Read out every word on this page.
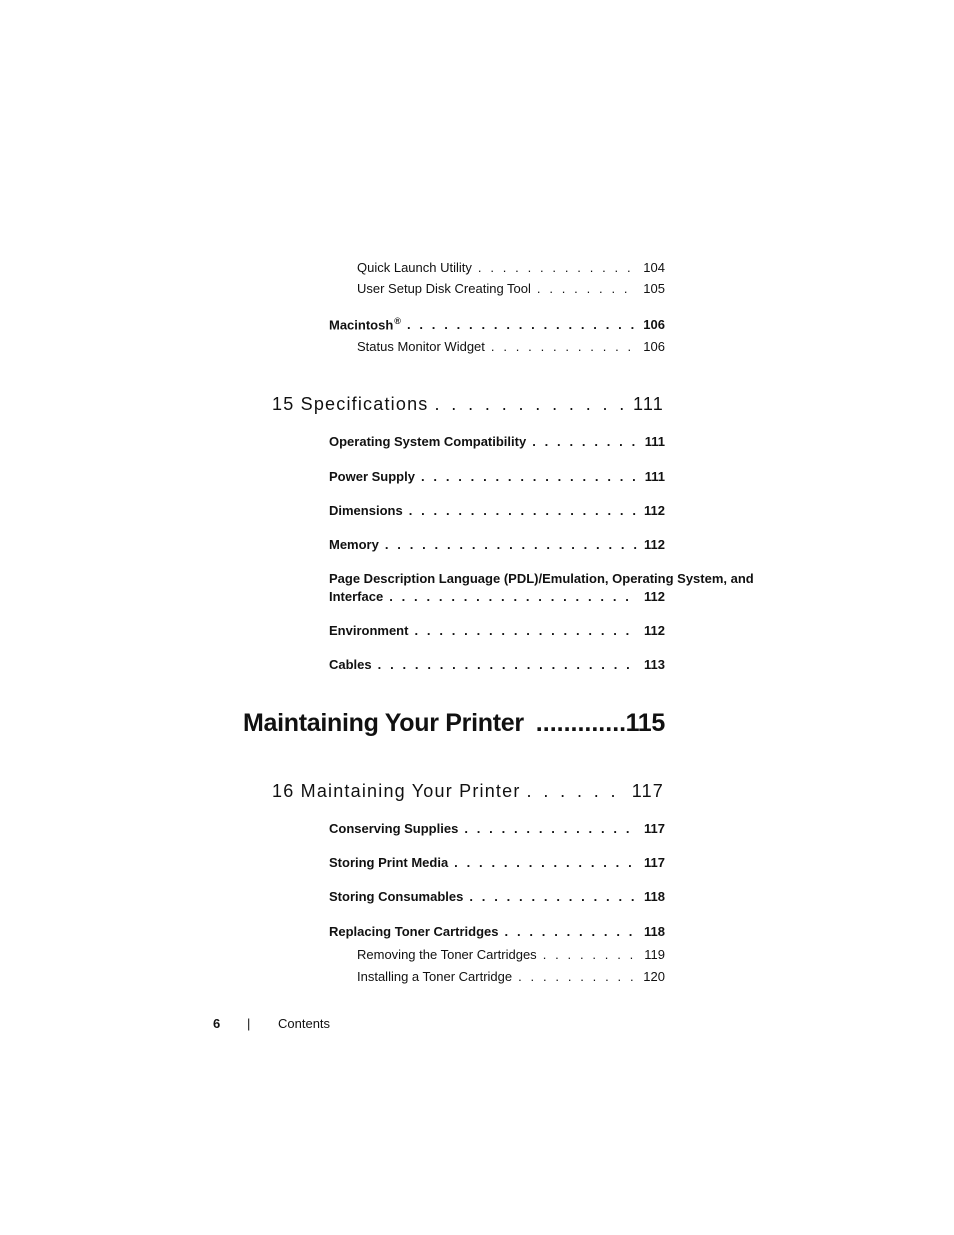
Quick Launch Utility . . .	104
User Setup Disk Creating Tool . . .	105
Macintosh® . . .	106
Status Monitor Widget . . .	106
15 Specifications . . .	111
Operating System Compatibility . . .	111
Power Supply . . .	111
Dimensions . . .	112
Memory . . .	112
Page Description Language (PDL)/Emulation, Operating System, and
Interface . . .	112
Environment . . .	112
Cables . . .	113
Maintaining Your Printer .....	115
16 Maintaining Your Printer . . .	117
Conserving Supplies . . .	117
Storing Print Media . . .	117
Storing Consumables . . .	118
Replacing Toner Cartridges . . .	118
Removing the Toner Cartridges . . .	119
Installing a Toner Cartridge . . .	120
6 | Contents
